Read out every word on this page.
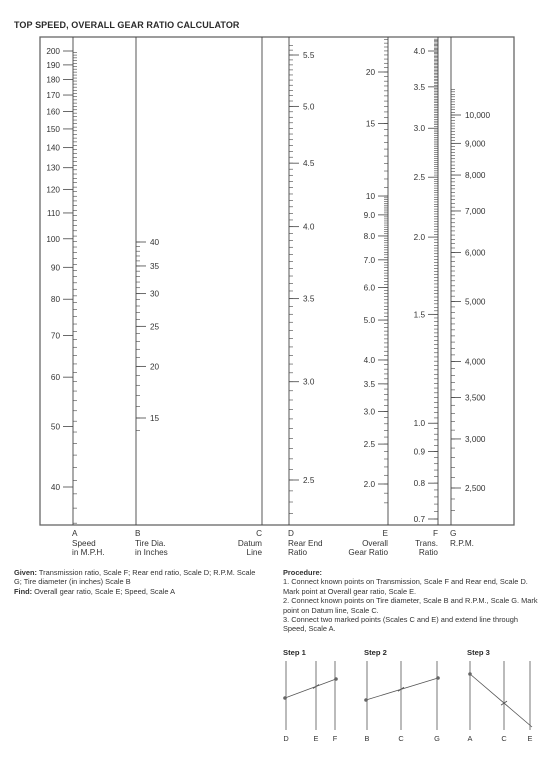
TOP SPEED, OVERALL GEAR RATIO CALCULATOR
200
190
180
170
160
150
140
130
120
110
100
90
80
70
60
50
40
40
35
30
25
20
15
5.5
5.0
4.5
4.0
3.5
3.0
2.5
20
15
10
9.0
8.0
7.0
6.0
5.0
4.0
3.5
3.0
2.5
2.0
4.0
3.5
3.0
2.5
2.0
1.5
1.0
0.9
0.8
0.7
10,000
9,000
8,000
7,000
6,000
5,000
4,000
3,500
3,000
2,500
A
Speed
in M.P.H.
B
Tire Dia.
in Inches
C
Datum
Line
D
Rear End
Ratio
E
Overall
Gear Ratio
F
Trans.
Ratio
G
R.P.M.
Given: Transmission ratio, Scale F; Rear end ratio, Scale D; R.P.M. Scale G; Tire diameter (in inches) Scale B
Find: Overall gear ratio, Scale E; Speed, Scale A
Procedure:
1. Connect known points on Transmission, Scale F and Rear end, Scale D. Mark point at Overall gear ratio, Scale E.
2. Connect known points on Tire diameter, Scale B and R.P.M., Scale G. Mark point on Datum line, Scale C.
3. Connect two marked points (Scales C and E) and extend line through Speed, Scale A.
Step 1
D	E F
Step 2
B	C	G
Step 3
A	C	E
